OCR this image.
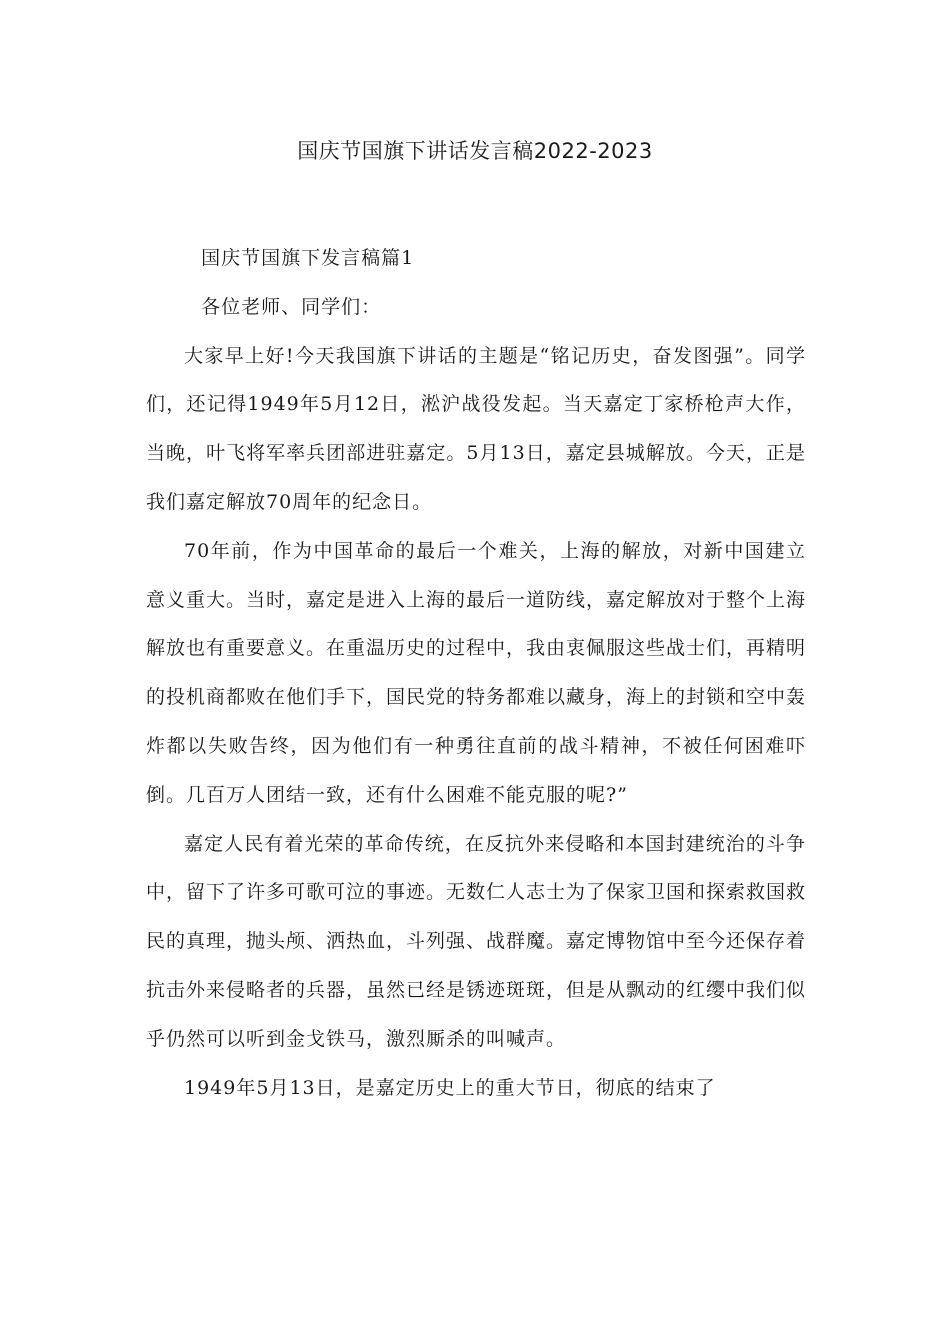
国庆节国旗下讲话发言稿2022-2023

国庆节国旗下发言稿篇1

各位老师、同学们：

大家早上好!今天我国旗下讲话的主题是“铭记历史，奋发图强”。同学们，还记得1949年5月12日，淞沪战役发起。当天嘉定丁家桥枪声大作，当晚，叶飞将军率兵团部进驻嘉定。5月13日，嘉定县城解放。今天，正是我们嘉定解放70周年的纪念日。

70年前，作为中国革命的最后一个难关，上海的解放，对新中国建立意义重大。当时，嘉定是进入上海的最后一道防线，嘉定解放对于整个上海解放也有重要意义。在重温历史的过程中，我由衷佩服这些战士们，再精明的投机商都败在他们手下，国民党的特务都难以藏身，海上的封锁和空中轰炸都以失败告终，因为他们有一种勇往直前的战斗精神，不被任何困难吓倒。几百万人团结一致，还有什么困难不能克服的呢?”

嘉定人民有着光荣的革命传统，在反抗外来侵略和本国封建统治的斗争中，留下了许多可歌可泣的事迹。无数仁人志士为了保家卫国和探索救国救民的真理，抛头颅、洒热血，斗列强、战群魔。嘉定博物馆中至今还保存着抗击外来侵略者的兵器，虽然已经是锈迹斑斑，但是从飘动的红缨中我们似乎仍然可以听到金戈铁马，激烈厮杀的叫喊声。

1949年5月13日，是嘉定历史上的重大节日，彻底的结束了
